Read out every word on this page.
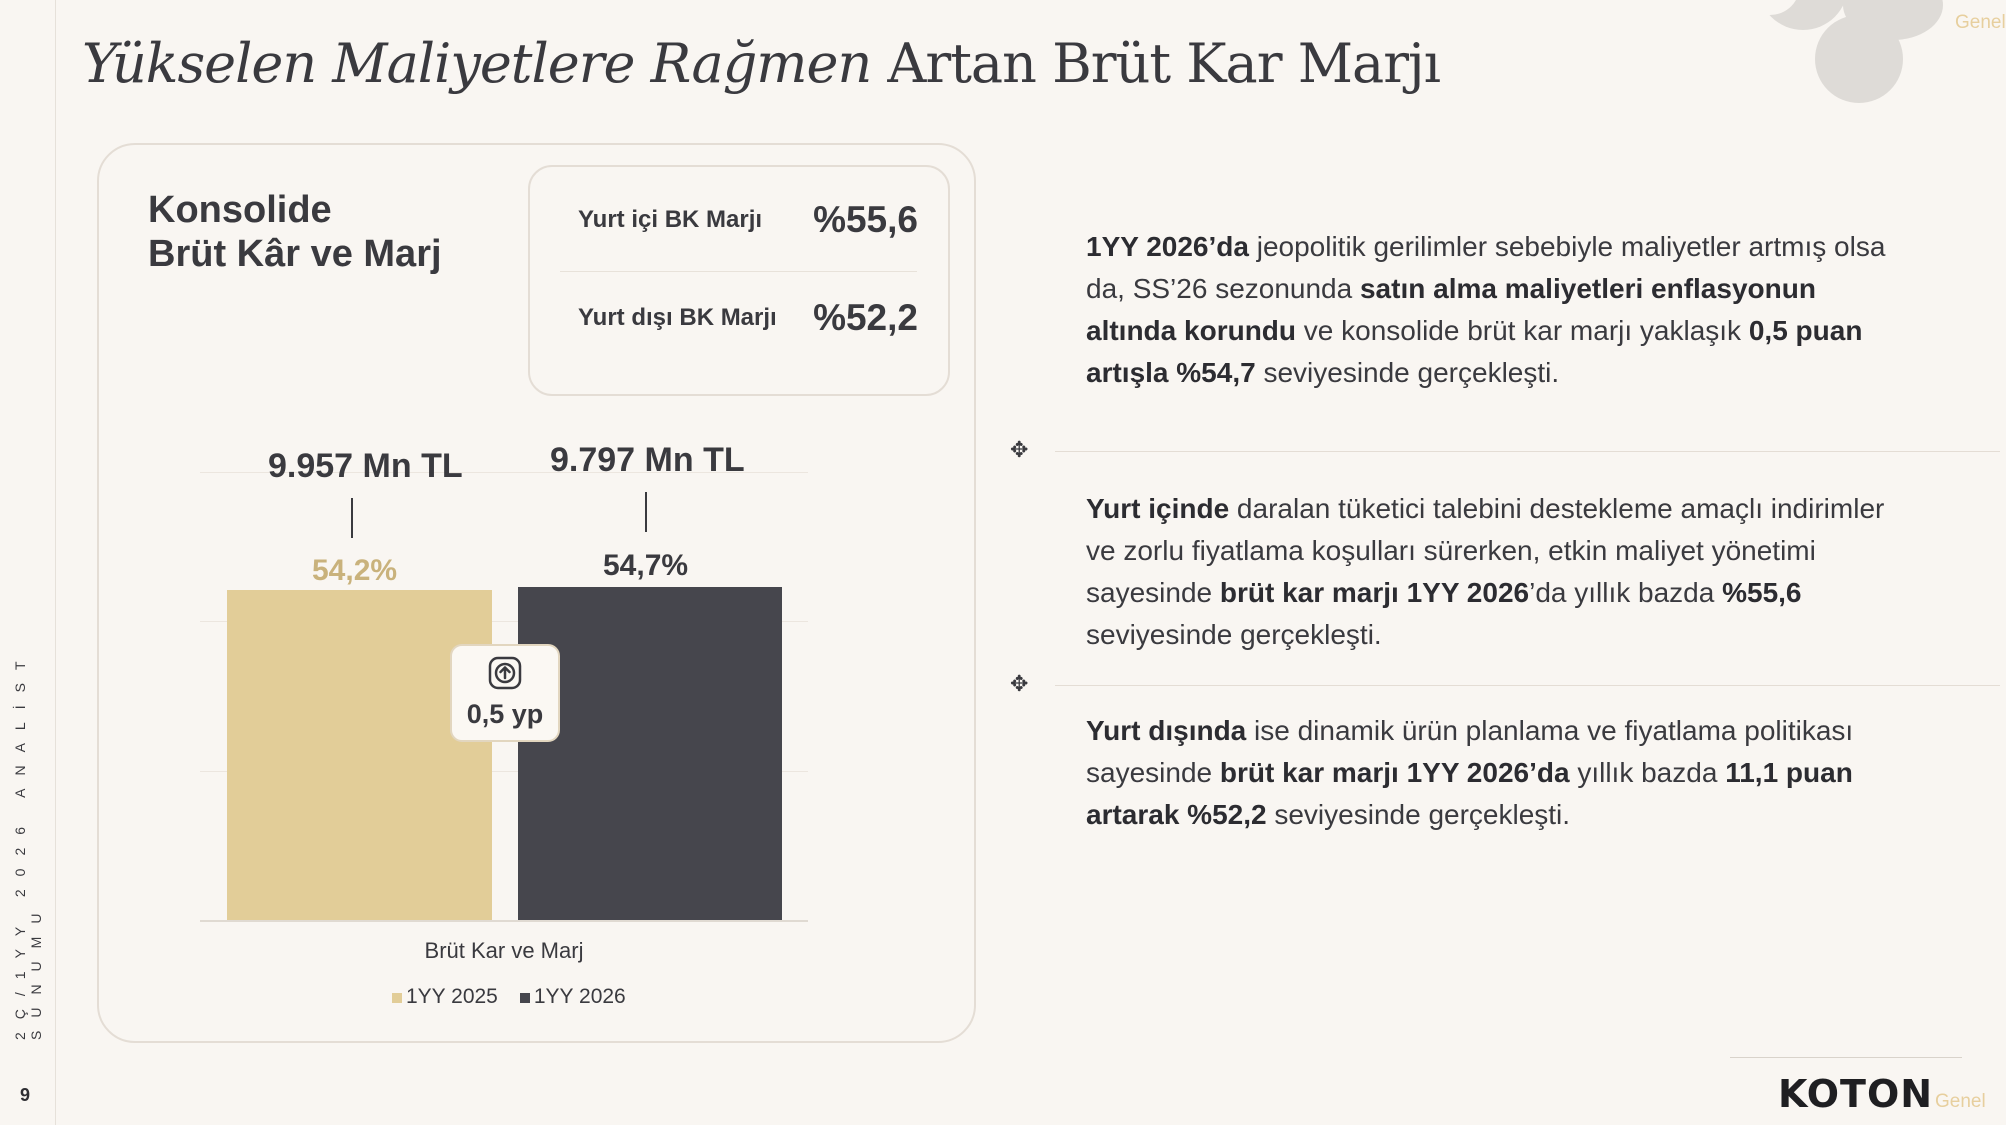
2Ç/1YY 2026 ANALİST SUNUMU
9
Yükselen Maliyetlere Rağmen Artan Brüt Kar Marjı
Genel
Konsolide
Brüt Kâr ve Marj
Yurt içi BK Marjı %55,6
Yurt dışı BK Marjı %52,2
9.957 Mn TL	9.797 Mn TL
54,2%	54,7%
0,5 yp
Brüt Kar ve Marj
1YY 2025	1YY 2026
1YY 2026’da jeopolitik gerilimler sebebiyle maliyetler artmış olsa da, SS’26 sezonunda satın alma maliyetleri enflasyonun altında korundu ve konsolide brüt kar marjı yaklaşık 0,5 puan artışla %54,7 seviyesinde gerçekleşti.
✥
Yurt içinde daralan tüketici talebini destekleme amaçlı indirimler ve zorlu fiyatlama koşulları sürerken, etkin maliyet yönetimi sayesinde brüt kar marjı 1YY 2026’da yıllık bazda %55,6 seviyesinde gerçekleşti.
✥
Yurt dışında ise dinamik ürün planlama ve fiyatlama politikası sayesinde brüt kar marjı 1YY 2026’da yıllık bazda 11,1 puan artarak %52,2 seviyesinde gerçekleşti.
KOTON Genel
